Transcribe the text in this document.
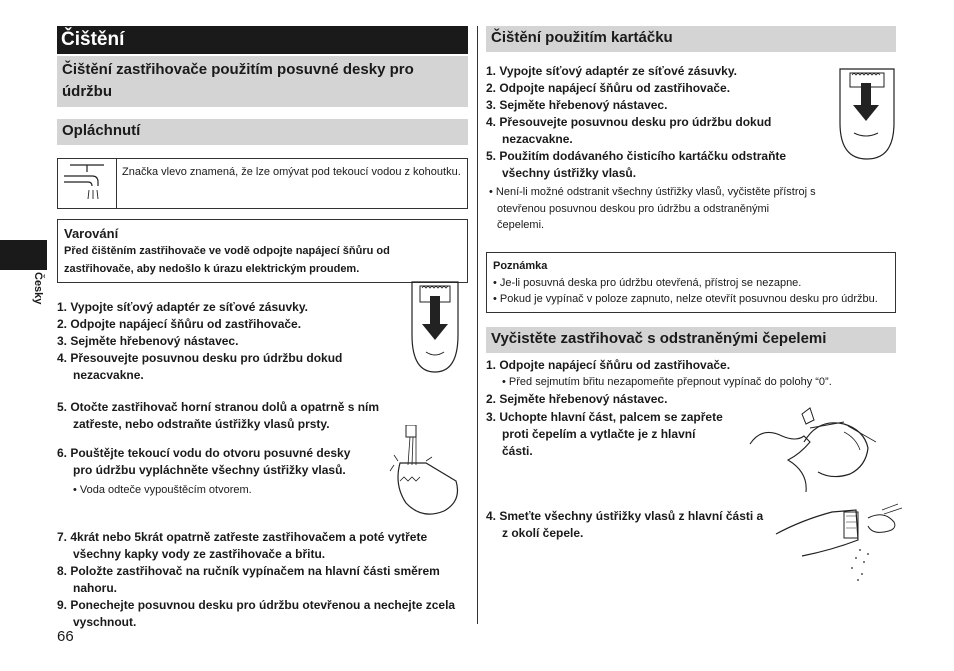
Česky
66
Čištění
Čištění zastřihovače použitím posuvné desky pro údržbu
Opláchnutí
Značka vlevo znamená, že lze omývat pod tekoucí vodou z kohoutku.
Varování
Před čištěním zastřihovače ve vodě odpojte napájecí šňůru od zastřihovače, aby nedošlo k úrazu elektrickým proudem.
1. Vypojte síťový adaptér ze síťové zásuvky.
2. Odpojte napájecí šňůru od zastřihovače.
3. Sejměte hřebenový nástavec.
4. Přesouvejte posuvnou desku pro údržbu dokud nezacvakne.
5. Otočte zastřihovač horní stranou dolů a opatrně s ním zatřeste, nebo odstraňte ústřižky vlasů prsty.
6. Pouštějte tekoucí vodu do otvoru posuvné desky pro údržbu vypláchněte všechny ústřižky vlasů.
• Voda odteče vypouštěcím otvorem.
7. 4krát nebo 5krát opatrně zatřeste zastřihovačem a poté vytřete všechny kapky vody ze zastřihovače a břitu.
8. Položte zastřihovač na ručník vypínačem na hlavní části směrem nahoru.
9. Ponechejte posuvnou desku pro údržbu otevřenou a nechejte zcela vyschnout.
Čištění použitím kartáčku
1. Vypojte síťový adaptér ze síťové zásuvky.
2. Odpojte napájecí šňůru od zastřihovače.
3. Sejměte hřebenový nástavec.
4. Přesouvejte posuvnou desku pro údržbu dokud nezacvakne.
5. Použitím dodávaného čisticího kartáčku odstraňte všechny ústřižky vlasů.
• Není-li možné odstranit všechny ústřižky vlasů, vyčistěte přístroj s otevřenou posuvnou deskou pro údržbu a odstraněnými čepelemi.
Poznámka
• Je-li posuvná deska pro údržbu otevřená, přístroj se nezapne.
• Pokud je vypínač v poloze zapnuto, nelze otevřít posuvnou desku pro údržbu.
Vyčistěte zastřihovač s odstraněnými čepelemi
1. Odpojte napájecí šňůru od zastřihovače.
• Před sejmutím břitu nezapomeňte přepnout vypínač do polohy “0”.
2. Sejměte hřebenový nástavec.
3. Uchopte hlavní část, palcem se zapřete proti čepelím a vytlačte je z hlavní části.
4. Smeťte všechny ústřižky vlasů z hlavní části a z okolí čepele.
